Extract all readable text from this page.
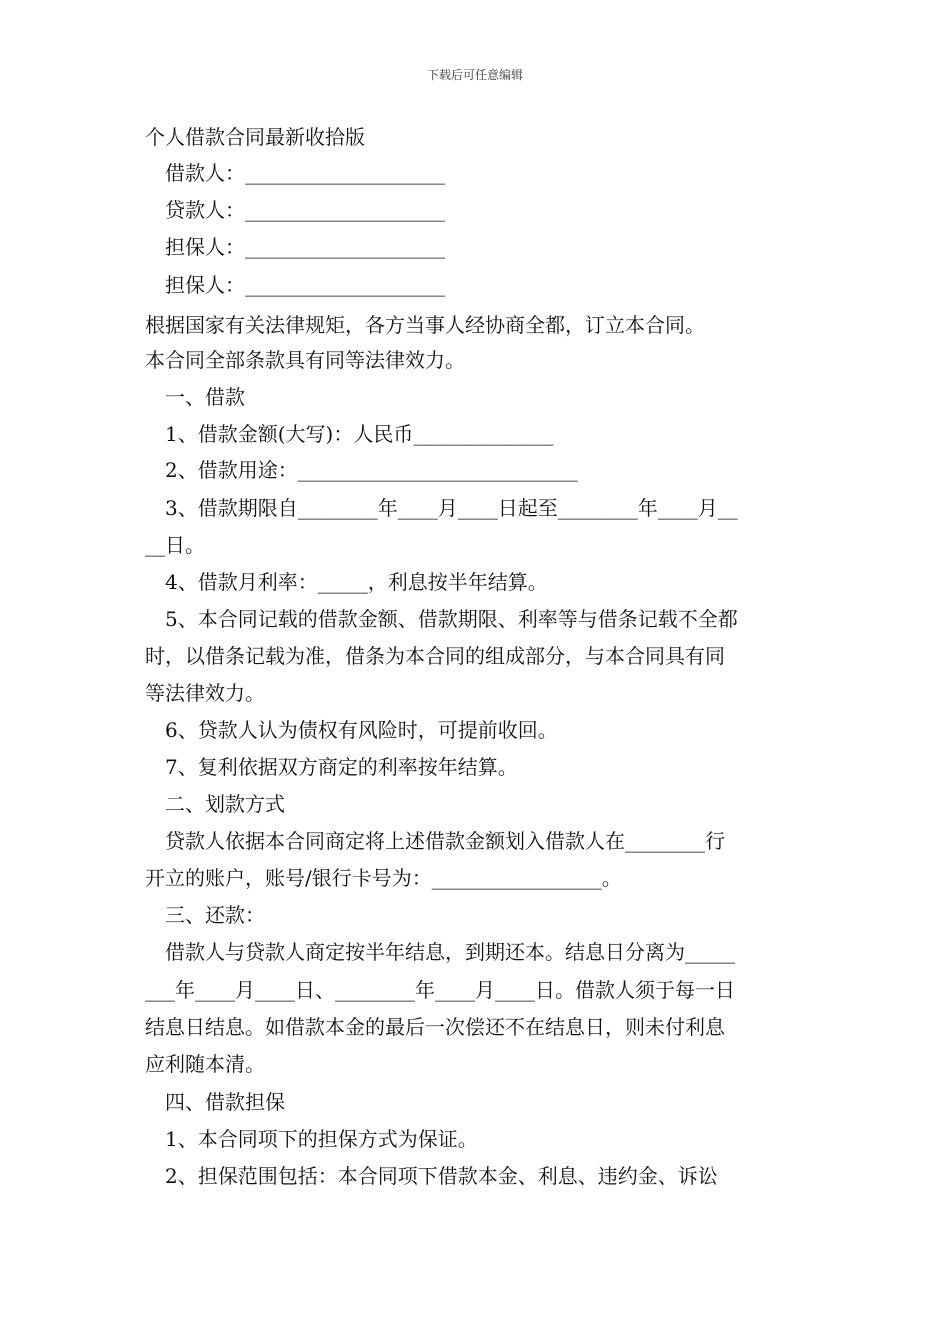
下载后可任意编辑
个人借款合同最新收拾版
借款人：____________________
贷款人：____________________
担保人：____________________
担保人：____________________
根据国家有关法律规矩，各方当事人经协商全都，订立本合同。
本合同全部条款具有同等法律效力。
一、借款
1、借款金额(大写)：人民币______________
2、借款用途：____________________________
3、借款期限自________年____月____日起至________年____月__
__日。
4、借款月利率：_____，利息按半年结算。
5、本合同记载的借款金额、借款期限、利率等与借条记载不全都
时，以借条记载为准，借条为本合同的组成部分，与本合同具有同
等法律效力。
6、贷款人认为债权有风险时，可提前收回。
7、复利依据双方商定的利率按年结算。
二、划款方式
贷款人依据本合同商定将上述借款金额划入借款人在________行
开立的账户，账号/银行卡号为：_________________。
三、还款：
借款人与贷款人商定按半年结息，到期还本。结息日分离为_____
___年____月____日、________年____月____日。借款人须于每一日
结息日结息。如借款本金的最后一次偿还不在结息日，则未付利息
应利随本清。
四、借款担保
1、本合同项下的担保方式为保证。
2、担保范围包括：本合同项下借款本金、利息、违约金、诉讼
